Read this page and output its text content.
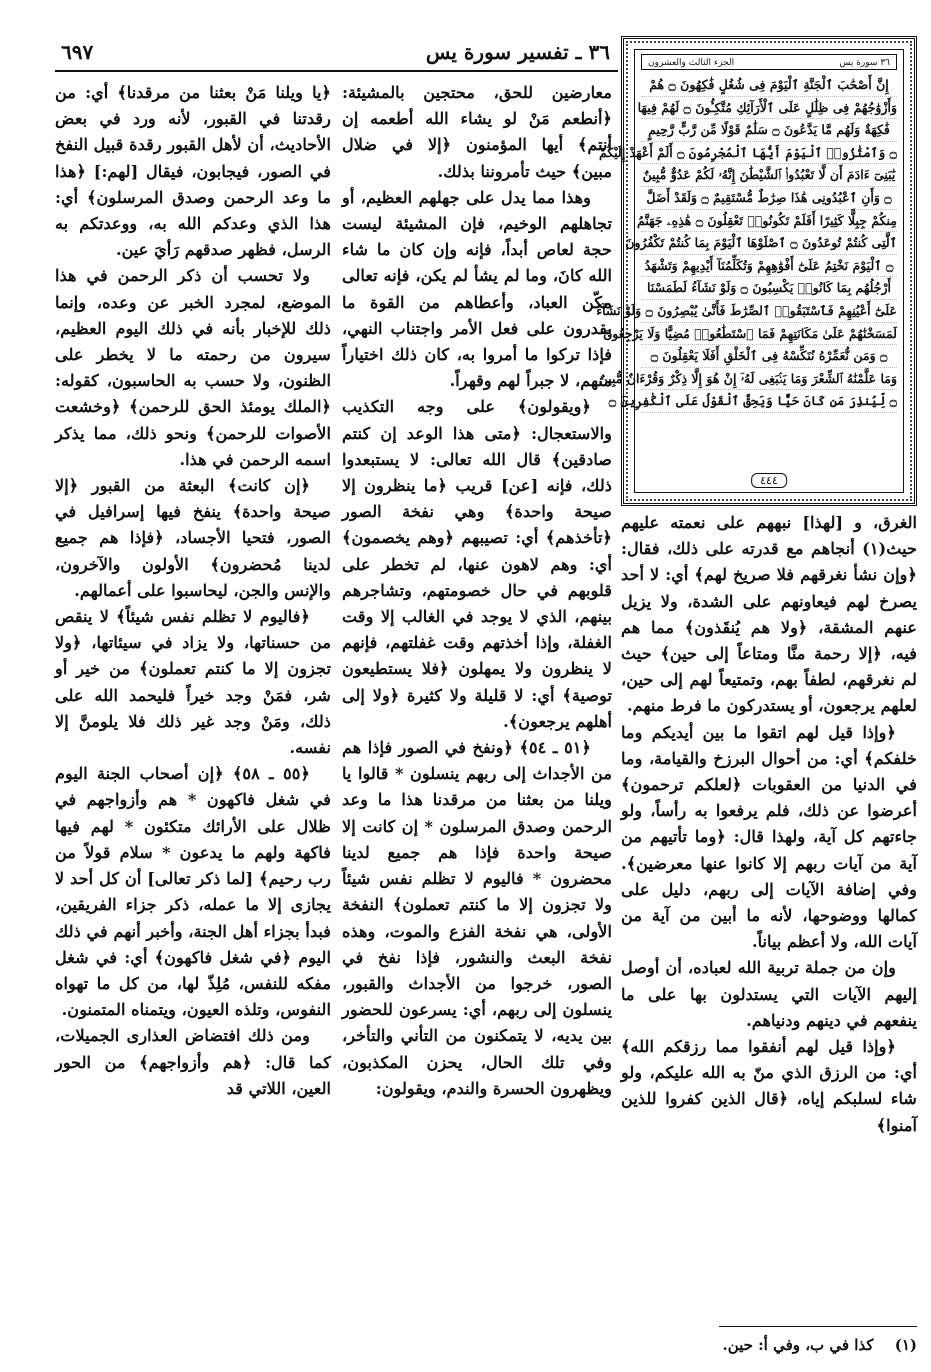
٦٩٧	٣٦ ـ تفسير سورة يس	٣٦ سورة يس
الجزء الثالث والعشرون
إِنَّ أَصْحَٰبَ ٱلْجَنَّةِ ٱلْيَوْمَ فِى شُغُلٍ فَٰكِهُونَ ۝ هُمْ
وَأَزْوَٰجُهُمْ فِى ظِلَٰلٍ عَلَى ٱلْأَرَآئِكِ مُتَّكِـُٔونَ ۝ لَهُمْ فِيهَا
فَٰكِهَةٌ وَلَهُم مَّا يَدَّعُونَ ۝ سَلَٰمٌ قَوْلًا مِّن رَّبٍّ رَّحِيمٍ
۝ وَٱمْتَٰزُوا۟ ٱلْيَوْمَ أَيُّهَا ٱلْمُجْرِمُونَ ۝ أَلَمْ أَعْهَدْ إِلَيْكُمْ
يَٰبَنِىٓ ءَادَمَ أَن لَّا تَعْبُدُوا۟ ٱلشَّيْطَٰنَ إِنَّهُۥ لَكُمْ عَدُوٌّ مُّبِينٌ
۝ وَأَنِ ٱعْبُدُونِى هَٰذَا صِرَٰطٌ مُّسْتَقِيمٌ ۝ وَلَقَدْ أَضَلَّ
مِنكُمْ جِبِلًّا كَثِيرًا أَفَلَمْ تَكُونُوا۟ تَعْقِلُونَ ۝ هَٰذِهِۦ جَهَنَّمُ
ٱلَّتِى كُنتُمْ تُوعَدُونَ ۝ ٱصْلَوْهَا ٱلْيَوْمَ بِمَا كُنتُمْ تَكْفُرُونَ
۝ ٱلْيَوْمَ نَخْتِمُ عَلَىٰٓ أَفْوَٰهِهِمْ وَتُكَلِّمُنَآ أَيْدِيهِمْ وَتَشْهَدُ
أَرْجُلُهُم بِمَا كَانُوا۟ يَكْسِبُونَ ۝ وَلَوْ نَشَآءُ لَطَمَسْنَا
عَلَىٰٓ أَعْيُنِهِمْ فَٱسْتَبَقُوا۟ ٱلصِّرَٰطَ فَأَنَّىٰ يُبْصِرُونَ ۝ وَلَوْ نَشَآءُ
لَمَسَخْنَٰهُمْ عَلَىٰ مَكَانَتِهِمْ فَمَا ٱسْتَطَٰعُوا۟ مُضِيًّا وَلَا يَرْجِعُونَ
۝ وَمَن نُّعَمِّرْهُ نُنَكِّسْهُ فِى ٱلْخَلْقِ أَفَلَا يَعْقِلُونَ ۝
وَمَا عَلَّمْنَٰهُ ٱلشِّعْرَ وَمَا يَنۢبَغِى لَهُۥٓ إِنْ هُوَ إِلَّا ذِكْرٌ وَقُرْءَانٌ مُّبِينٌ
۝ لِّيُنذِرَ مَن كَانَ حَيًّا وَيَحِقَّ ٱلْقَوْلُ عَلَى ٱلْكَٰفِرِينَ ۝
٤٤٤

الغرق، و [لهذا] نبههم على نعمته عليهم حيث(١) أنجاهم مع قدرته على ذلك، فقال: ﴿وإن نشأ نغرقهم فلا صريخ لهم﴾ أي: لا أحد يصرخ لهم فيعاونهم على الشدة، ولا يزيل عنهم المشقة، ﴿ولا هم يُنقَذون﴾ مما هم فيه، ﴿إلا رحمة منَّا ومتاعاً إلى حين﴾ حيث لم نغرقهم، لطفاً بهم، وتمتيعاً لهم إلى حين، لعلهم يرجعون، أو يستدركون ما فرط منهم.

﴿وإذا قيل لهم اتقوا ما بين أيديكم وما خلفكم﴾ أي: من أحوال البرزخ والقيامة، وما في الدنيا من العقوبات ﴿لعلكم ترحمون﴾ أعرضوا عن ذلك، فلم يرفعوا به رأساً، ولو جاءتهم كل آية، ولهذا قال: ﴿وما تأتيهم من آية من آيات ربهم إلا كانوا عنها معرضين﴾. وفي إضافة الآيات إلى ربهم، دليل على كمالها ووضوحها، لأنه ما أبين من آية من آيات الله، ولا أعظم بياناً.

وإن من جملة تربية الله لعباده، أن أوصل إليهم الآيات التي يستدلون بها على ما ينفعهم في دينهم ودنياهم.

﴿وإذا قيل لهم أنفقوا مما رزقكم الله﴾ أي: من الرزق الذي منّ به الله عليكم، ولو شاء لسلبكم إياه، ﴿قال الذين كفروا للذين آمنوا﴾

معارضين للحق، محتجين بالمشيئة: ﴿أنطعم مَنْ لو يشاء الله أطعمه إن أنتم﴾ أيها المؤمنون ﴿إلا في ضلال مبين﴾ حيث تأمروننا بذلك.

وهذا مما يدل على جهلهم العظيم، أو تجاهلهم الوخيم، فإن المشيئة ليست حجة لعاص أبداً، فإنه وإن كان ما شاء الله كانَ، وما لم يشأ لم يكن، فإنه تعالى مكّن العباد، وأعطاهم من القوة ما يقدرون على فعل الأمر واجتناب النهي، فإذا تركوا ما أمروا به، كان ذلك اختياراً منهم، لا جبراً لهم وقهراً.

﴿ويقولون﴾ على وجه التكذيب والاستعجال: ﴿متى هذا الوعد إن كنتم صادقين﴾ قال الله تعالى: لا يستبعدوا ذلك، فإنه [عن] قريب ﴿ما ينظرون إلا صيحة واحدة﴾ وهي نفخة الصور ﴿تأخذهم﴾ أي: تصيبهم ﴿وهم يخصمون﴾ أي: وهم لاهون عنها، لم تخطر على قلوبهم في حال خصومتهم، وتشاجرهم بينهم، الذي لا يوجد في الغالب إلا وقت الغفلة، وإذا أخذتهم وقت غفلتهم، فإنهم لا ينظرون ولا يمهلون ﴿فلا يستطيعون توصية﴾ أي: لا قليلة ولا كثيرة ﴿ولا إلى أهلهم يرجعون﴾.

﴿٥١ ـ ٥٤﴾ ﴿ونفخ في الصور فإذا هم من الأجداث إلى ربهم ينسلون * قالوا يا ويلنا من بعثنا من مرقدنا هذا ما وعد الرحمن وصدق المرسلون * إن كانت إلا صيحة واحدة فإذا هم جميع لدينا محضرون * فاليوم لا تظلم نفس شيئاً ولا تجزون إلا ما كنتم تعملون﴾ النفخة الأولى، هي نفخة الفزع والموت، وهذه نفخة البعث والنشور، فإذا نفخ في الصور، خرجوا من الأجداث والقبور، ينسلون إلى ربهم، أي: يسرعون للحضور بين يديه، لا يتمكنون من التأني والتأخر، وفي تلك الحال، يحزن المكذبون، ويظهرون الحسرة والندم، ويقولون:

﴿يا ويلنا مَنْ بعثنا من مرقدنا﴾ أي: من رقدتنا في القبور، لأنه ورد في بعض الأحاديث، أن لأهل القبور رقدة قبيل النفخ في الصور، فيجابون، فيقال [لهم:] ﴿هذا ما وعد الرحمن وصدق المرسلون﴾ أي: هذا الذي وعدكم الله به، ووعدتكم به الرسل، فظهر صدقهم رَأيَ عين.

ولا تحسب أن ذكر الرحمن في هذا الموضع، لمجرد الخبر عن وعده، وإنما ذلك للإخبار بأنه في ذلك اليوم العظيم، سيرون من رحمته ما لا يخطر على الظنون، ولا حسب به الحاسبون، كقوله: ﴿الملك يومئذ الحق للرحمن﴾ ﴿وخشعت الأصوات للرحمن﴾ ونحو ذلك، مما يذكر اسمه الرحمن في هذا.

﴿إن كانت﴾ البعثة من القبور ﴿إلا صيحة واحدة﴾ ينفخ فيها إسرافيل في الصور، فتحيا الأجساد، ﴿فإذا هم جميع لدينا مُحضرون﴾ الأولون والآخرون، والإنس والجن، ليحاسبوا على أعمالهم.

﴿فاليوم لا تظلم نفس شيئاً﴾ لا ينقص من حسناتها، ولا يزاد في سيئاتها، ﴿ولا تجزون إلا ما كنتم تعملون﴾ من خير أو شر، فمَنْ وجد خيراً فليحمد الله على ذلك، ومَنْ وجد غير ذلك فلا يلومنَّ إلا نفسه.

﴿٥٥ ـ ٥٨﴾ ﴿إن أصحاب الجنة اليوم في شغل فاكهون * هم وأزواجهم في ظلال على الأرائك متكئون * لهم فيها فاكهة ولهم ما يدعون * سلام قولاً من رب رحيم﴾ [لما ذكر تعالى] أن كل أحد لا يجازى إلا ما عمله، ذكر جزاء الفريقين، فبدأ بجزاء أهل الجنة، وأخبر أنهم في ذلك اليوم ﴿في شغل فاكهون﴾ أي: في شغل مفكه للنفس، مُلِذّ لها، من كل ما تهواه النفوس، وتلذه العيون، ويتمناه المتمنون.

ومن ذلك افتضاض العذارى الجميلات، كما قال: ﴿هم وأزواجهم﴾ من الحور العين، اللاتي قد

(١) كذا في ب، وفي أ: حين.
